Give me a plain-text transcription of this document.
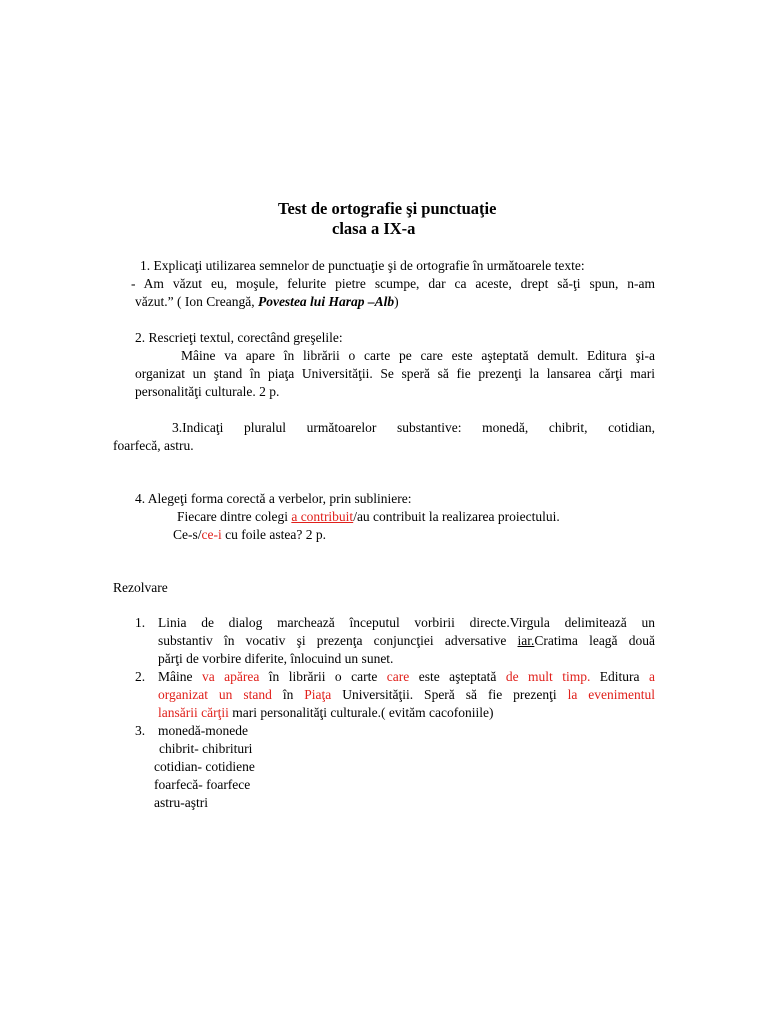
Test de ortografie şi punctuaţie
clasa a IX-a
1. Explicaţi utilizarea semnelor de punctuaţie şi de ortografie în următoarele texte:
- Am văzut eu, moşule, felurite pietre scumpe, dar ca aceste, drept să-ţi spun, n-am
văzut.” ( Ion Creangă, Povestea lui Harap –Alb)
2. Rescrieţi textul, corectând greşelile:
Mâine va apare în librării o carte pe care este aşteptată demult. Editura şi-a
organizat un ştand în piaţa Universităţii. Se speră să fie prezenţi la lansarea cărţi mari
personalităţi culturale. 2 p.
3.Indicaţi pluralul următoarelor substantive: monedă, chibrit, cotidian,
foarfecă, astru.
4. Alegeţi forma corectă a verbelor, prin subliniere:
Fiecare dintre colegi a contribuit/au contribuit la realizarea proiectului.
Ce-s/ce-i cu foile astea? 2 p.
Rezolvare
1. Linia de dialog marchează începutul vorbirii directe.Virgula delimitează un
substantiv în vocativ şi prezenţa conjuncţiei adversative iar.Cratima leagă două
părţi de vorbire diferite, înlocuind un sunet.
2. Mâine va apărea în librării o carte care este aşteptată de mult timp. Editura a
organizat un stand în Piaţa Universităţii. Speră să fie prezenţi la evenimentul
lansării cărţii mari personalităţi culturale.( evităm cacofoniile)
3. monedă-monede
chibrit- chibrituri
cotidian- cotidiene
foarfecă- foarfece
astru-aştri
